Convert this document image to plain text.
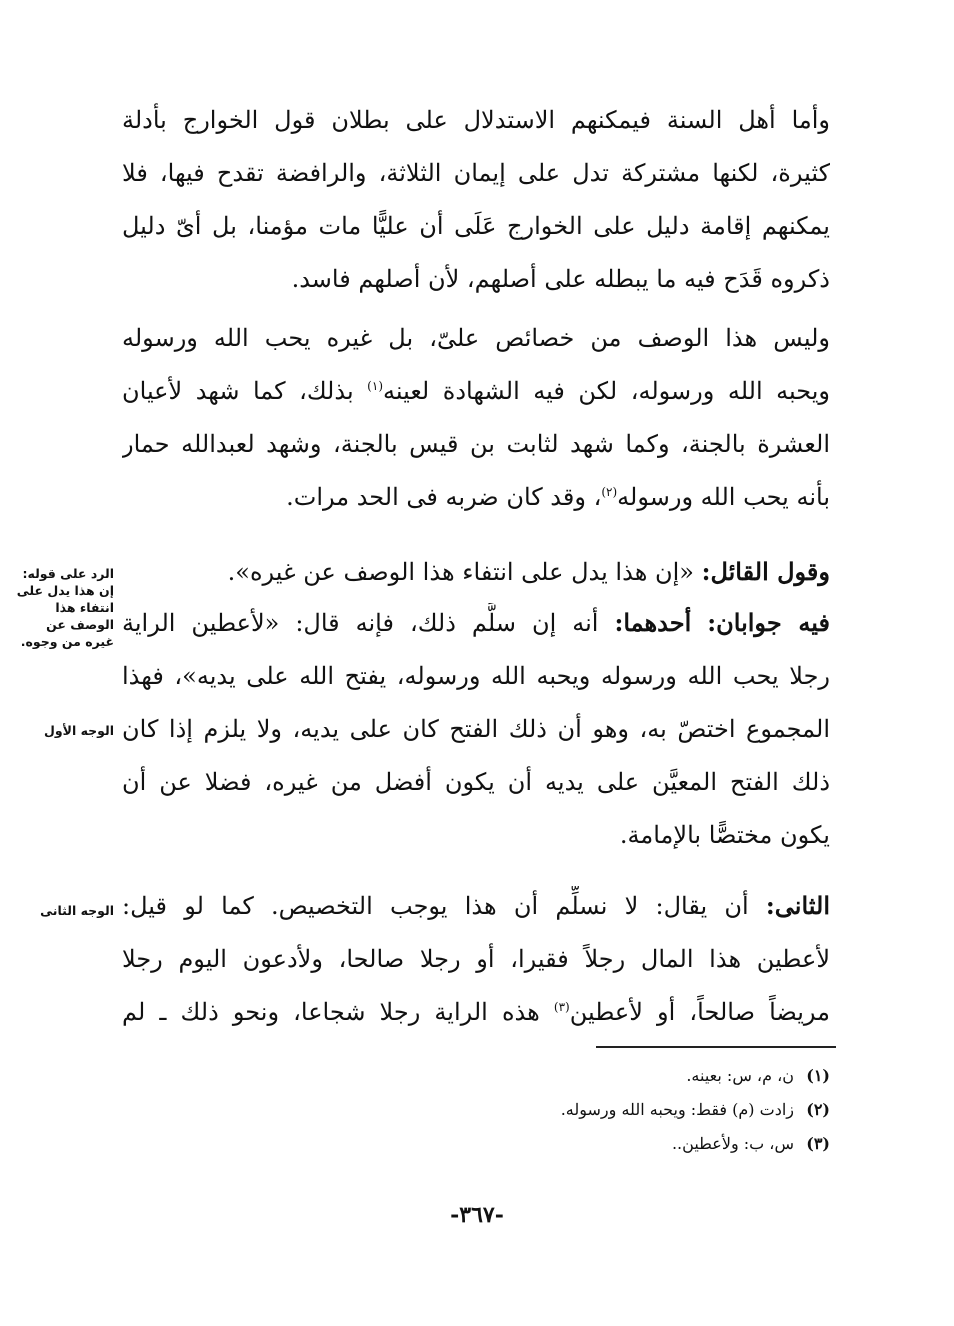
وأما أهل السنة فيمكنهم الاستدلال على بطلان قول الخوارج بأدلة
كثيرة، لكنها مشتركة تدل على إيمان الثلاثة، والرافضة تقدح فيها، فلا
يمكنهم إقامة دليل على الخوارج عَلَى أن عليًّا مات مؤمنا، بل أىّ دليل
ذكروه قَدَح فيه ما يبطله على أصلهم، لأن أصلهم فاسد.
وليس هذا الوصف من خصائص علىّ، بل غيره يحب الله ورسوله
ويحبه الله ورسوله، لكن فيه الشهادة لعينه$^{(١)}$ بذلك، كما شهد لأعيان
العشرة بالجنة، وكما شهد لثابت بن قيس بالجنة، وشهد لعبدالله حمار
بأنه يحب الله ورسوله$^{(٢)}$، وقد كان ضربه فى الحد مرات.
وقول القائل: «إن هذا يدل على انتفاء هذا الوصف عن غيره».
فيه جوابان: أحدهما: أنه إن سلَّم ذلك، فإنه قال: «لأعطين الراية
رجلا يحب الله ورسوله ويحبه الله ورسوله، يفتح الله على يديه»، فهذا
المجموع اختصّ به، وهو أن ذلك الفتح كان على يديه، ولا يلزم إذا كان
ذلك الفتح المعيَّن على يديه أن يكون أفضل من غيره، فضلا عن أن
يكون مختصًّا بالإمامة.
الثانى: أن يقال: لا نسلِّم أن هذا يوجب التخصيص. كما لو قيل:
لأعطين هذا المال رجلاً فقيرا، أو رجلا صالحا، ولأدعون اليوم رجلا
مريضاً صالحاً، أو لأعطين$^{(٣)}$ هذه الراية رجلا شجاعا، ونحو ذلك ـ لم
الرد على قوله: إن هذا يدل على انتفاء هذا الوصف عن غيره من وجوه.
الوجه الأول
الوجه الثانى
(١)ن، م، س: بعينه.
(٢)زادت (م) فقط: ويحبه الله ورسوله.
(٣)س، ب: ولأعطين..
-٣٦٧-
